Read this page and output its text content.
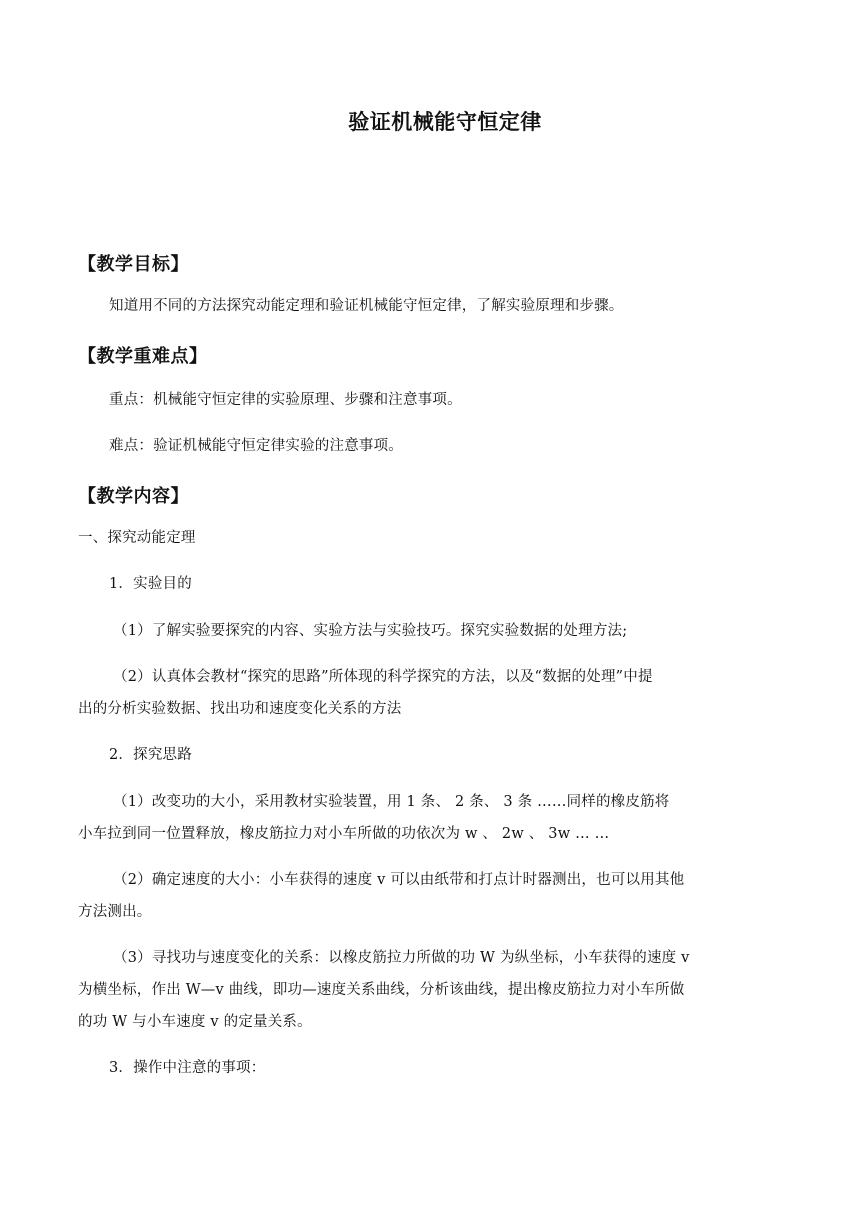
验证机械能守恒定律
【教学目标】
知道用不同的方法探究动能定理和验证机械能守恒定律，了解实验原理和步骤。
【教学重难点】
重点：机械能守恒定律的实验原理、步骤和注意事项。
难点：验证机械能守恒定律实验的注意事项。
【教学内容】
一、探究动能定理
1．实验目的
（1）了解实验要探究的内容、实验方法与实验技巧。探究实验数据的处理方法;
（2）认真体会教材“探究的思路”所体现的科学探究的方法，以及“数据的处理”中提
出的分析实验数据、找出功和速度变化关系的方法
2．探究思路
（1）改变功的大小，采用教材实验装置，用 1 条、 2 条、 3 条 ……同样的橡皮筋将
小车拉到同一位置释放，橡皮筋拉力对小车所做的功依次为 w 、 2w 、 3w … …
（2）确定速度的大小：小车获得的速度 v 可以由纸带和打点计时器测出，也可以用其他
方法测出。
（3）寻找功与速度变化的关系：以橡皮筋拉力所做的功 W 为纵坐标，小车获得的速度 v
为横坐标，作出 W—v 曲线，即功—速度关系曲线，分析该曲线，提出橡皮筋拉力对小车所做
的功 W 与小车速度 v 的定量关系。
3．操作中注意的事项：
